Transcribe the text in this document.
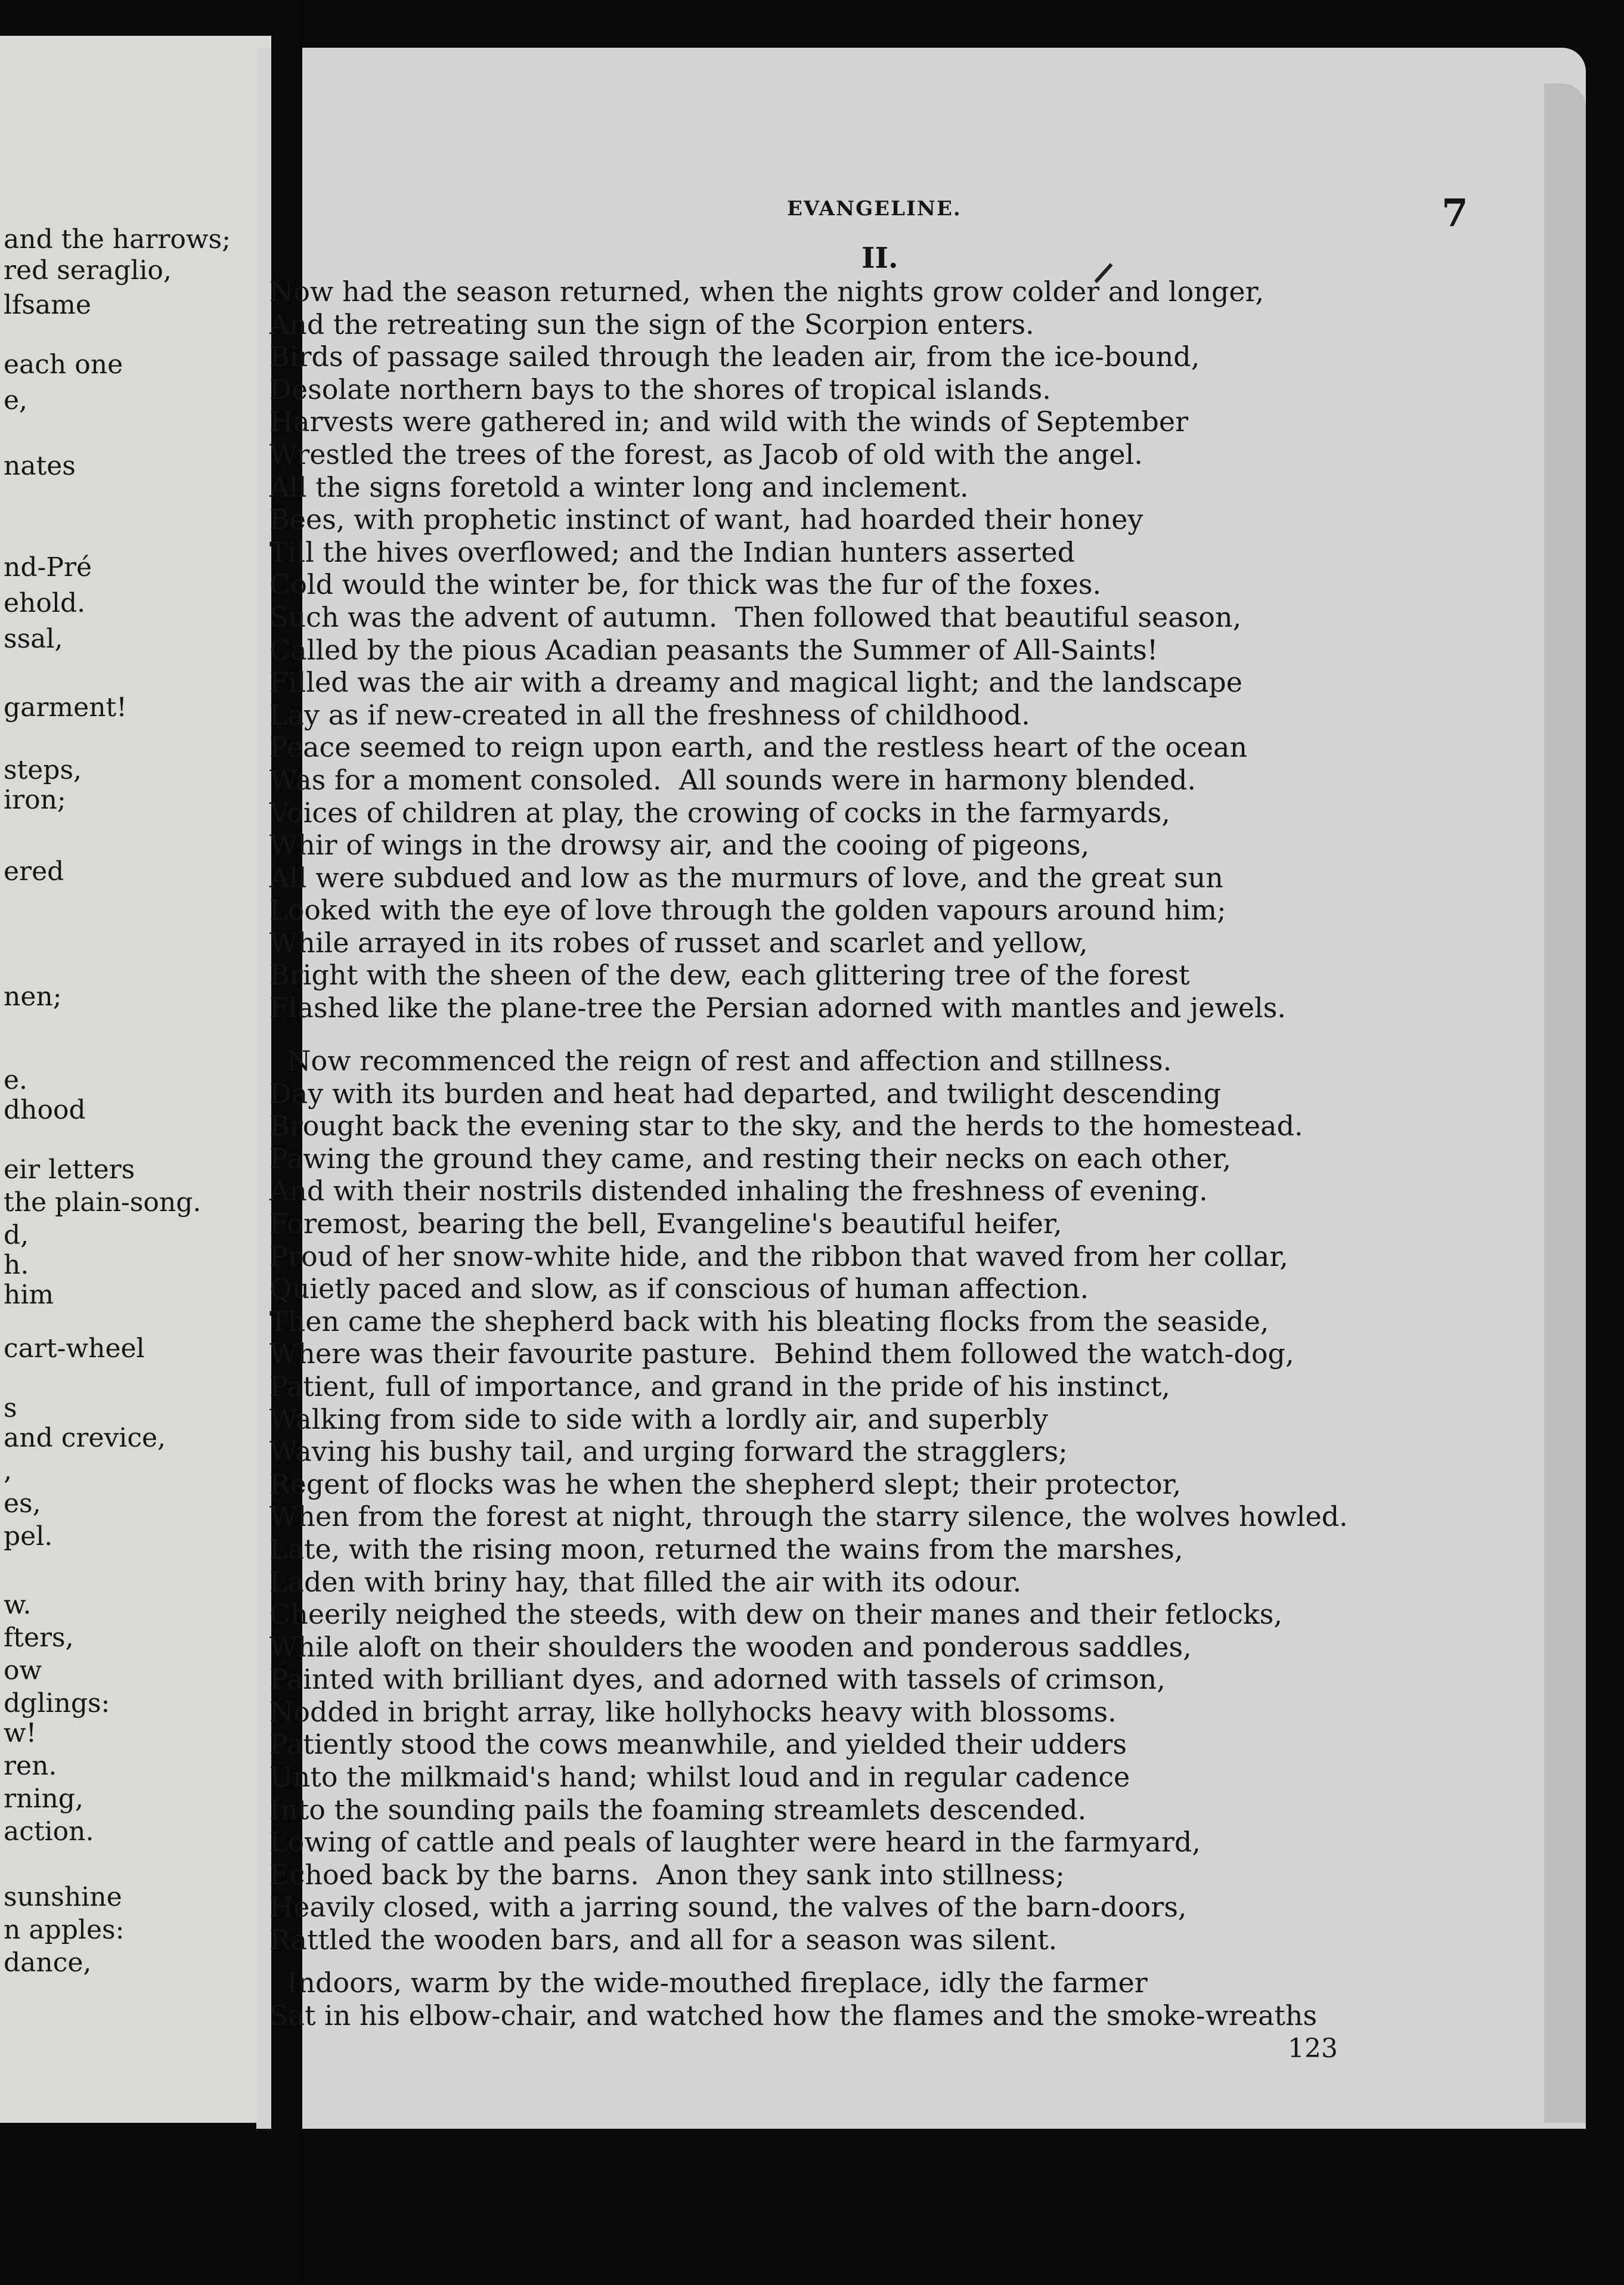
and the harrows;
red seraglio,
lfsame
each one
e,
nates
nd-Pré
ehold.
ssal,
garment!
steps,
iron;
ered
nen;
e.
dhood
eir letters
the plain-song.
d,
h.
him
cart-wheel
s
and crevice,
,
es,
pel.
w.
fters,
ow
dglings:
w!
ren.
rning,
action.
sunshine
n apples:
dance,
EVANGELINE.	7
II.
Now had the season returned, when the nights grow colder and longer,
And the retreating sun the sign of the Scorpion enters.
Birds of passage sailed through the leaden air, from the ice-bound,
Desolate northern bays to the shores of tropical islands.
Harvests were gathered in; and wild with the winds of September
Wrestled the trees of the forest, as Jacob of old with the angel.
All the signs foretold a winter long and inclement.
Bees, with prophetic instinct of want, had hoarded their honey
Till the hives overflowed; and the Indian hunters asserted
Cold would the winter be, for thick was the fur of the foxes.
Such was the advent of autumn.  Then followed that beautiful season,
Called by the pious Acadian peasants the Summer of All-Saints!
Filled was the air with a dreamy and magical light; and the landscape
Lay as if new-created in all the freshness of childhood.
Peace seemed to reign upon earth, and the restless heart of the ocean
Was for a moment consoled.  All sounds were in harmony blended.
Voices of children at play, the crowing of cocks in the farmyards,
Whir of wings in the drowsy air, and the cooing of pigeons,
All were subdued and low as the murmurs of love, and the great sun
Looked with the eye of love through the golden vapours around him;
While arrayed in its robes of russet and scarlet and yellow,
Bright with the sheen of the dew, each glittering tree of the forest
Flashed like the plane-tree the Persian adorned with mantles and jewels.
Now recommenced the reign of rest and affection and stillness.
Day with its burden and heat had departed, and twilight descending
Brought back the evening star to the sky, and the herds to the homestead.
Pawing the ground they came, and resting their necks on each other,
And with their nostrils distended inhaling the freshness of evening.
Foremost, bearing the bell, Evangeline's beautiful heifer,
Proud of her snow-white hide, and the ribbon that waved from her collar,
Quietly paced and slow, as if conscious of human affection.
Then came the shepherd back with his bleating flocks from the seaside,
Where was their favourite pasture.  Behind them followed the watch-dog,
Patient, full of importance, and grand in the pride of his instinct,
Walking from side to side with a lordly air, and superbly
Waving his bushy tail, and urging forward the stragglers;
Regent of flocks was he when the shepherd slept; their protector,
When from the forest at night, through the starry silence, the wolves howled.
Late, with the rising moon, returned the wains from the marshes,
Laden with briny hay, that filled the air with its odour.
Cheerily neighed the steeds, with dew on their manes and their fetlocks,
While aloft on their shoulders the wooden and ponderous saddles,
Painted with brilliant dyes, and adorned with tassels of crimson,
Nodded in bright array, like hollyhocks heavy with blossoms.
Patiently stood the cows meanwhile, and yielded their udders
Unto the milkmaid's hand; whilst loud and in regular cadence
Into the sounding pails the foaming streamlets descended.
Lowing of cattle and peals of laughter were heard in the farmyard,
Echoed back by the barns.  Anon they sank into stillness;
Heavily closed, with a jarring sound, the valves of the barn-doors,
Rattled the wooden bars, and all for a season was silent.
Indoors, warm by the wide-mouthed fireplace, idly the farmer
Sat in his elbow-chair, and watched how the flames and the smoke-wreaths
123
